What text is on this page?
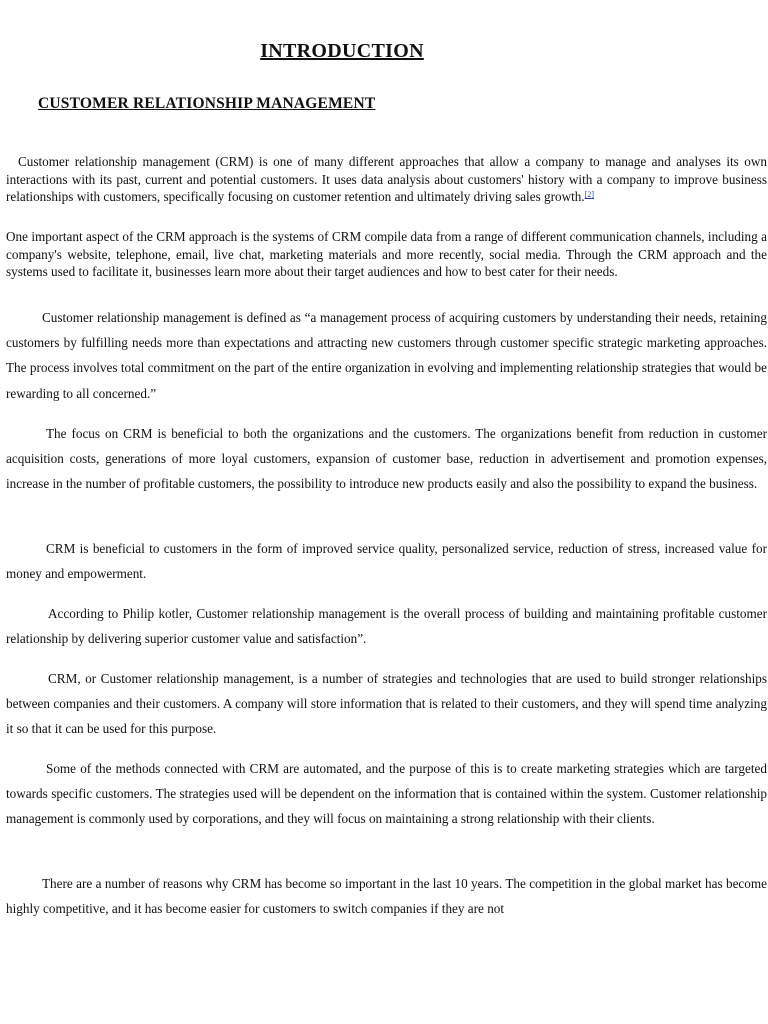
INTRODUCTION
CUSTOMER RELATIONSHIP MANAGEMENT

Customer relationship management (CRM) is one of many different approaches that allow a company to manage and analyses its own interactions with its past, current and potential customers. It uses data analysis about customers' history with a company to improve business relationships with customers, specifically focusing on customer retention and ultimately driving sales growth.[2]

One important aspect of the CRM approach is the systems of CRM compile data from a range of different communication channels, including a company's website, telephone, email, live chat, marketing materials and more recently, social media. Through the CRM approach and the systems used to facilitate it, businesses learn more about their target audiences and how to best cater for their needs.

Customer relationship management is defined as “a management process of acquiring customers by understanding their needs, retaining customers by fulfilling needs more than expectations and attracting new customers through customer specific strategic marketing approaches. The process involves total commitment on the part of the entire organization in evolving and implementing relationship strategies that would be rewarding to all concerned.”

The focus on CRM is beneficial to both the organizations and the customers. The organizations benefit from reduction in customer acquisition costs, generations of more loyal customers, expansion of customer base, reduction in advertisement and promotion expenses, increase in the number of profitable customers, the possibility to introduce new products easily and also the possibility to expand the business.

CRM is beneficial to customers in the form of improved service quality, personalized service, reduction of stress, increased value for money and empowerment.

According to Philip kotler, Customer relationship management is the overall process of building and maintaining profitable customer relationship by delivering superior customer value and satisfaction”.

CRM, or Customer relationship management, is a number of strategies and technologies that are used to build stronger relationships between companies and their customers. A company will store information that is related to their customers, and they will spend time analyzing it so that it can be used for this purpose.

Some of the methods connected with CRM are automated, and the purpose of this is to create marketing strategies which are targeted towards specific customers. The strategies used will be dependent on the information that is contained within the system. Customer relationship management is commonly used by corporations, and they will focus on maintaining a strong relationship with their clients.

There are a number of reasons why CRM has become so important in the last 10 years. The competition in the global market has become highly competitive, and it has become easier for customers to switch companies if they are not
